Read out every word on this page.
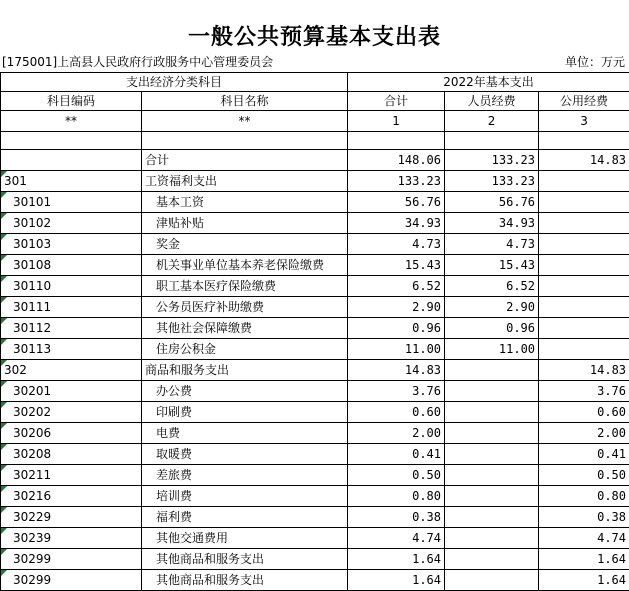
一般公共预算基本支出表
[175001]上高县人民政府行政服务中心管理委员会	单位：万元
支出经济分类科目		2022年基本支出		
科目编码	科目名称	合计	人员经费	公用经费
**	**	1	2	3

	合计	148.06	133.23	14.83

301	工资福利支出	133.23	133.23	

30101	基本工资	56.76	56.76	

30102	津贴补贴	34.93	34.93	

30103	奖金	4.73	4.73	

30108	机关事业单位基本养老保险缴费	15.43	15.43	

30110	职工基本医疗保险缴费	6.52	6.52	

30111	公务员医疗补助缴费	2.90	2.90	

30112	其他社会保障缴费	0.96	0.96	

30113	住房公积金	11.00	11.00	

302	商品和服务支出	14.83		14.83

30201	办公费	3.76		3.76

30202	印刷费	0.60		0.60

30206	电费	2.00		2.00

30208	取暖费	0.41		0.41

30211	差旅费	0.50		0.50

30216	培训费	0.80		0.80

30229	福利费	0.38		0.38

30239	其他交通费用	4.74		4.74

30299	其他商品和服务支出	1.64		1.64

30299	其他商品和服务支出	1.64		1.64
